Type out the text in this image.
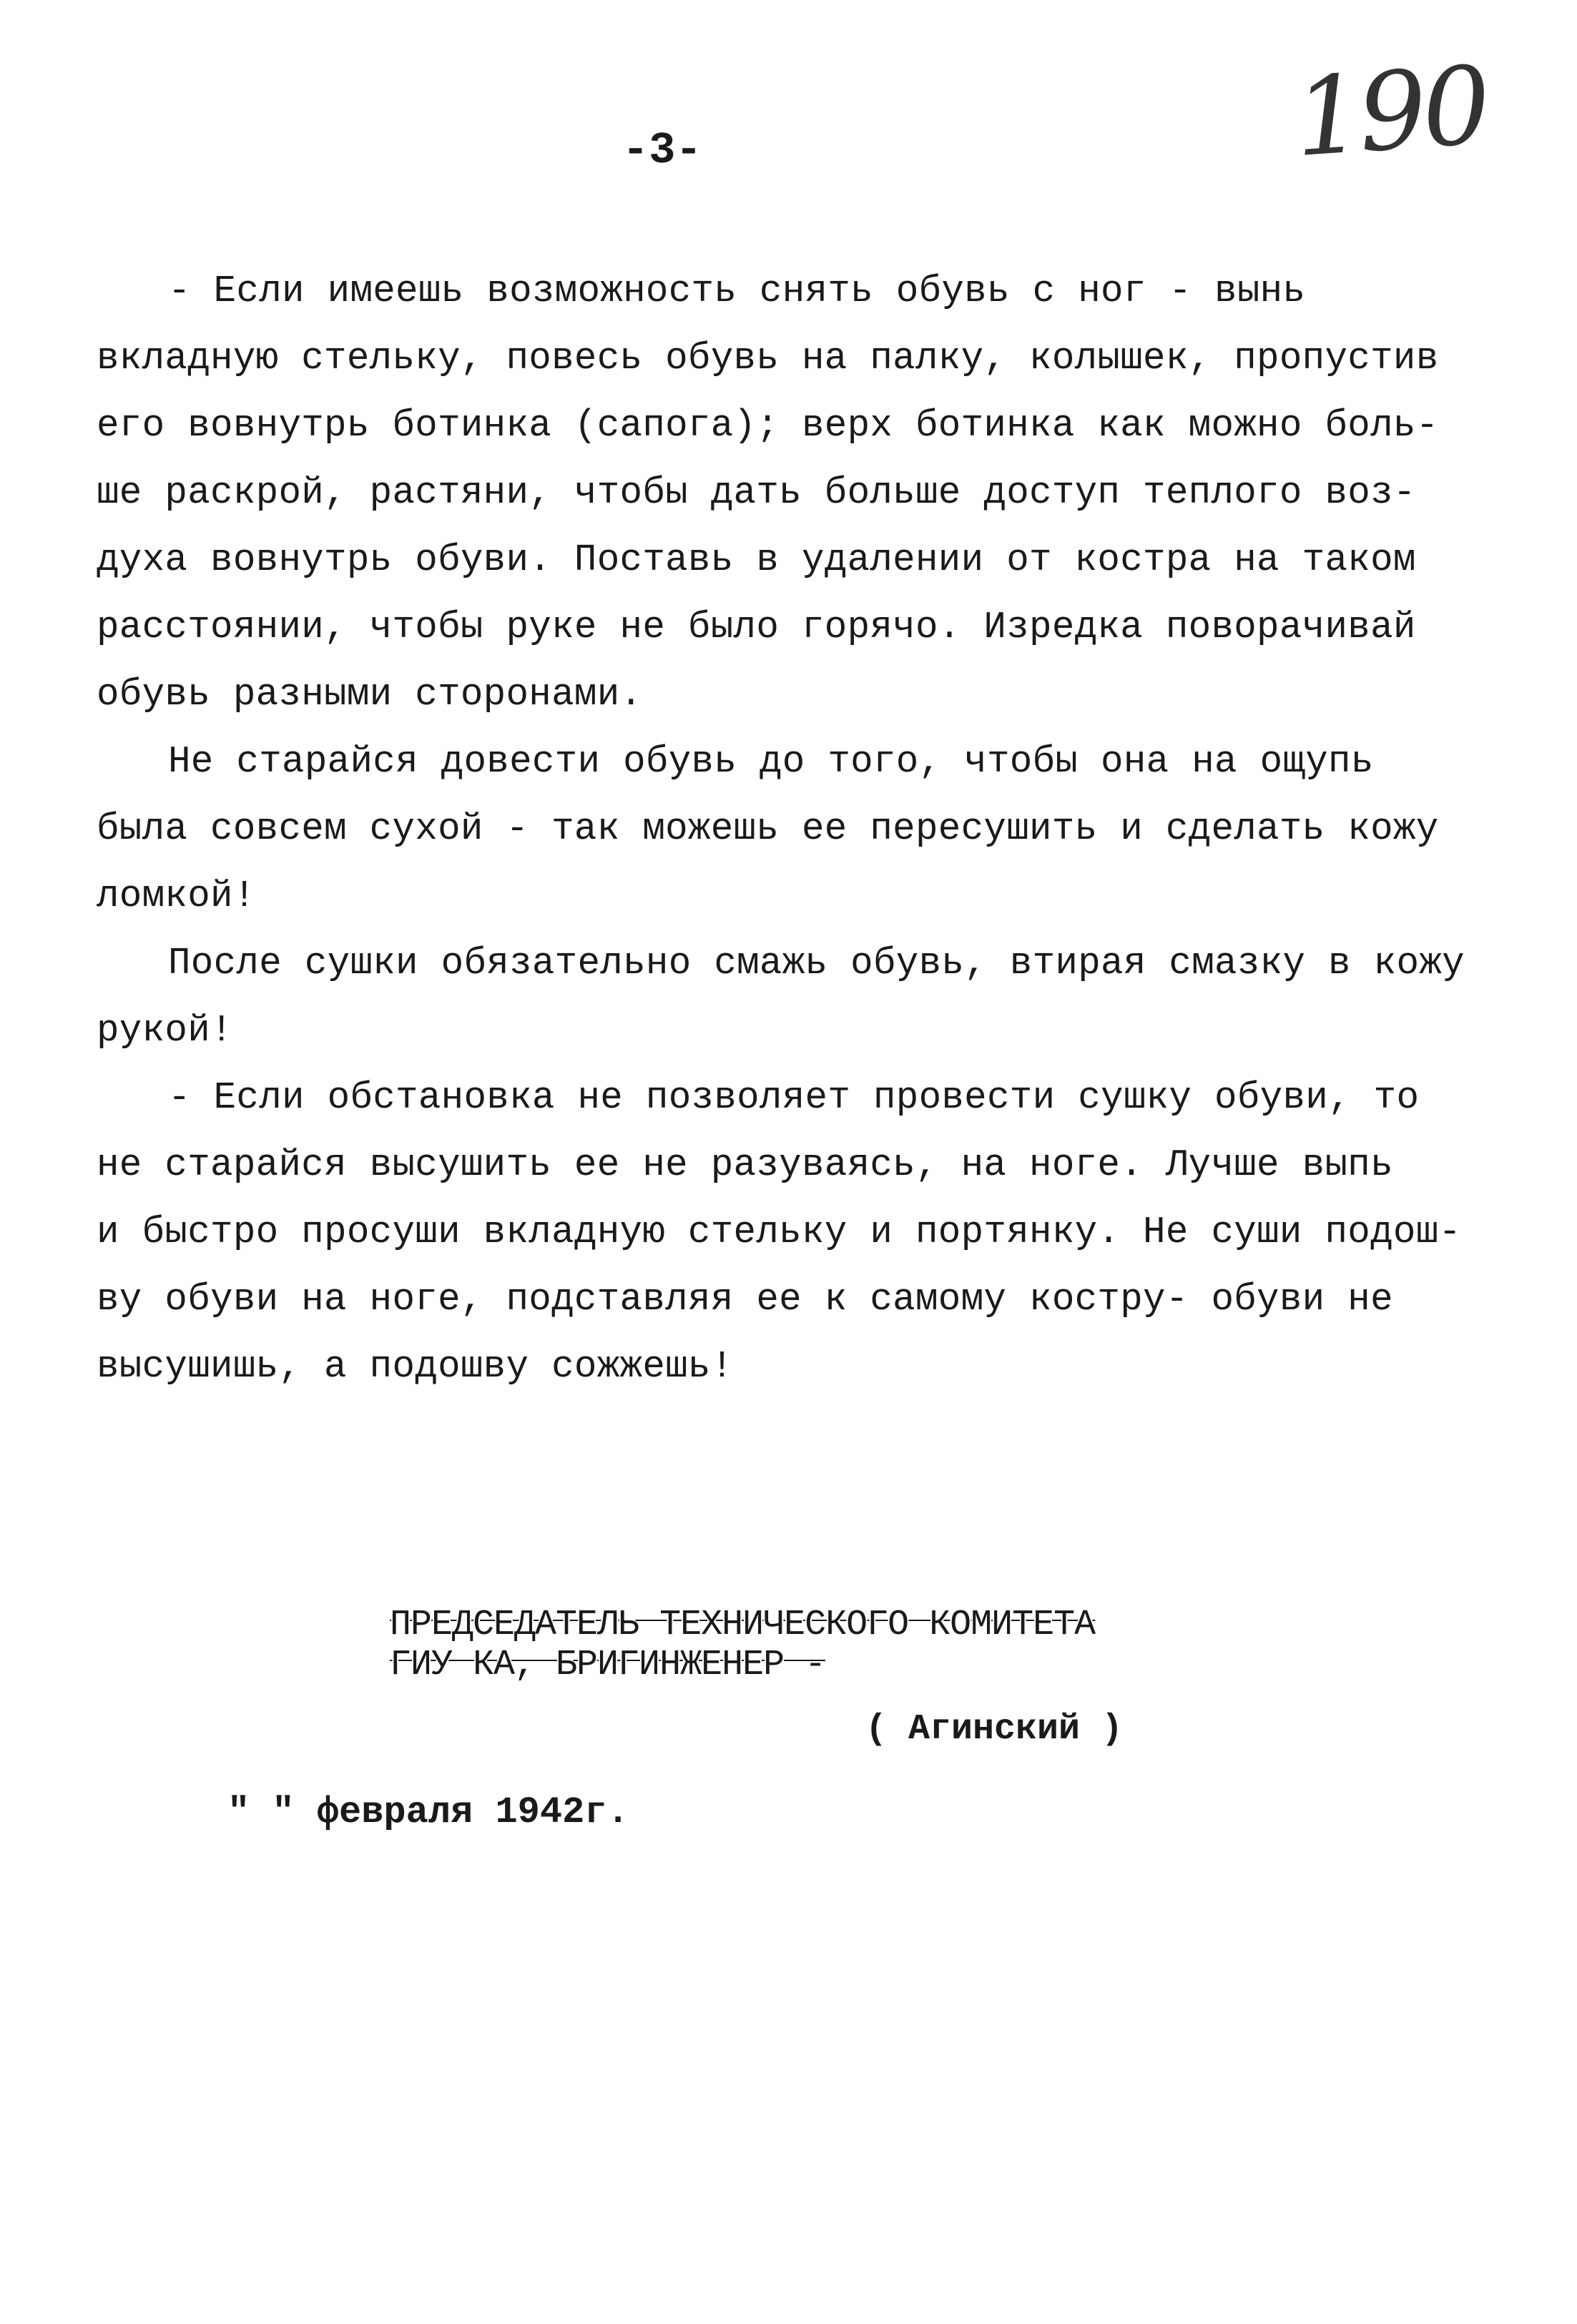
190
-3-

- Если имеешь возможность снять обувь с ног - вынь

вкладную стельку, повесь обувь на палку, колышек, пропустив

его вовнутрь ботинка (сапога); верх ботинка как можно боль-

ше раскрой, растяни, чтобы дать больше доступ теплого воз-

духа вовнутрь обуви. Поставь в удалении от костра на таком

расстоянии, чтобы руке не было горячо. Изредка поворачивай

обувь разными сторонами.

Не старайся довести обувь до того, чтобы она на ощупь

была совсем сухой - так можешь ее пересушить и сделать кожу

ломкой!

После сушки обязательно смажь обувь, втирая смазку в кожу

рукой!

- Если обстановка не позволяет провести сушку обуви, то

не старайся высушить ее не разуваясь, на ноге. Лучше выпь

и быстро просуши вкладную стельку и портянку. Не суши подош-

ву обуви на ноге, подставляя ее к самому костру- обуви не

высушишь, а подошву сожжешь!

ПРЕДСЕДАТЕЛЬ ТЕХНИЧЕСКОГО КОМИТЕТА
ГИУ КА, БРИГИНЖЕНЕР -
( Агинский )
" " февраля 1942г.
